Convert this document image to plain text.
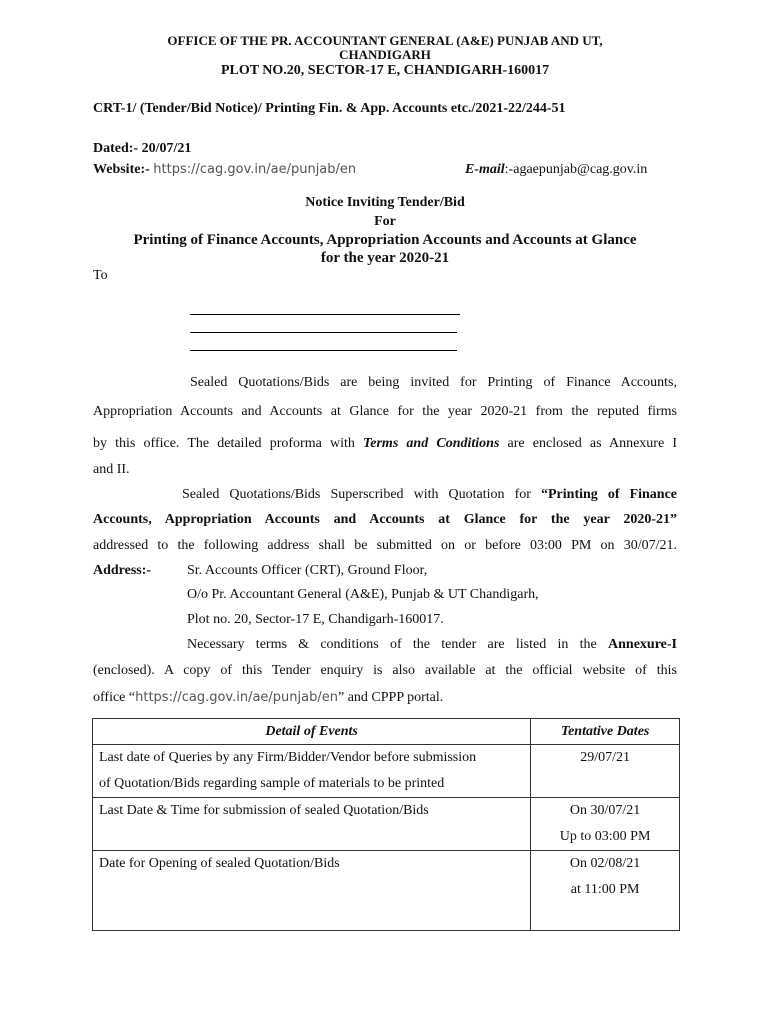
OFFICE OF THE PR. ACCOUNTANT GENERAL (A&E) PUNJAB AND UT,
CHANDIGARH
PLOT NO.20, SECTOR-17 E, CHANDIGARH-160017
CRT-1/ (Tender/Bid Notice)/ Printing Fin. & App. Accounts etc./2021-22/244-51
Dated:- 20/07/21
Website:- https://cag.gov.in/ae/punjab/en	E-mail:-agaepunjab@cag.gov.in
Notice Inviting Tender/Bid
For
Printing of Finance Accounts, Appropriation Accounts and Accounts at Glance
for the year 2020-21
To
Sealed Quotations/Bids are being invited for Printing of Finance Accounts,
Appropriation Accounts and Accounts at Glance for the year 2020-21 from the reputed firms
by this office. The detailed proforma with Terms and Conditions are enclosed as Annexure I
and II.
Sealed Quotations/Bids Superscribed with Quotation for “Printing of Finance
Accounts, Appropriation Accounts and Accounts at Glance for the year 2020-21”
addressed to the following address shall be submitted on or before 03:00 PM on 30/07/21.
Address:-	Sr. Accounts Officer (CRT), Ground Floor,
O/o Pr. Accountant General (A&E), Punjab & UT Chandigarh,
Plot no. 20, Sector-17 E, Chandigarh-160017.
Necessary terms & conditions of the tender are listed in the Annexure-I
(enclosed). A copy of this Tender enquiry is also available at the official website of this
office “https://cag.gov.in/ae/punjab/en” and CPPP portal.
Detail of Events	Tentative Dates

Last date of Queries by any Firm/Bidder/Vendor before submission

of Quotation/Bids regarding sample of materials to be printed	29/07/21

Last Date & Time for submission of sealed Quotation/Bids	On 30/07/21

Up to 03:00 PM

Date for Opening of sealed Quotation/Bids	On 02/08/21

at 11:00 PM
